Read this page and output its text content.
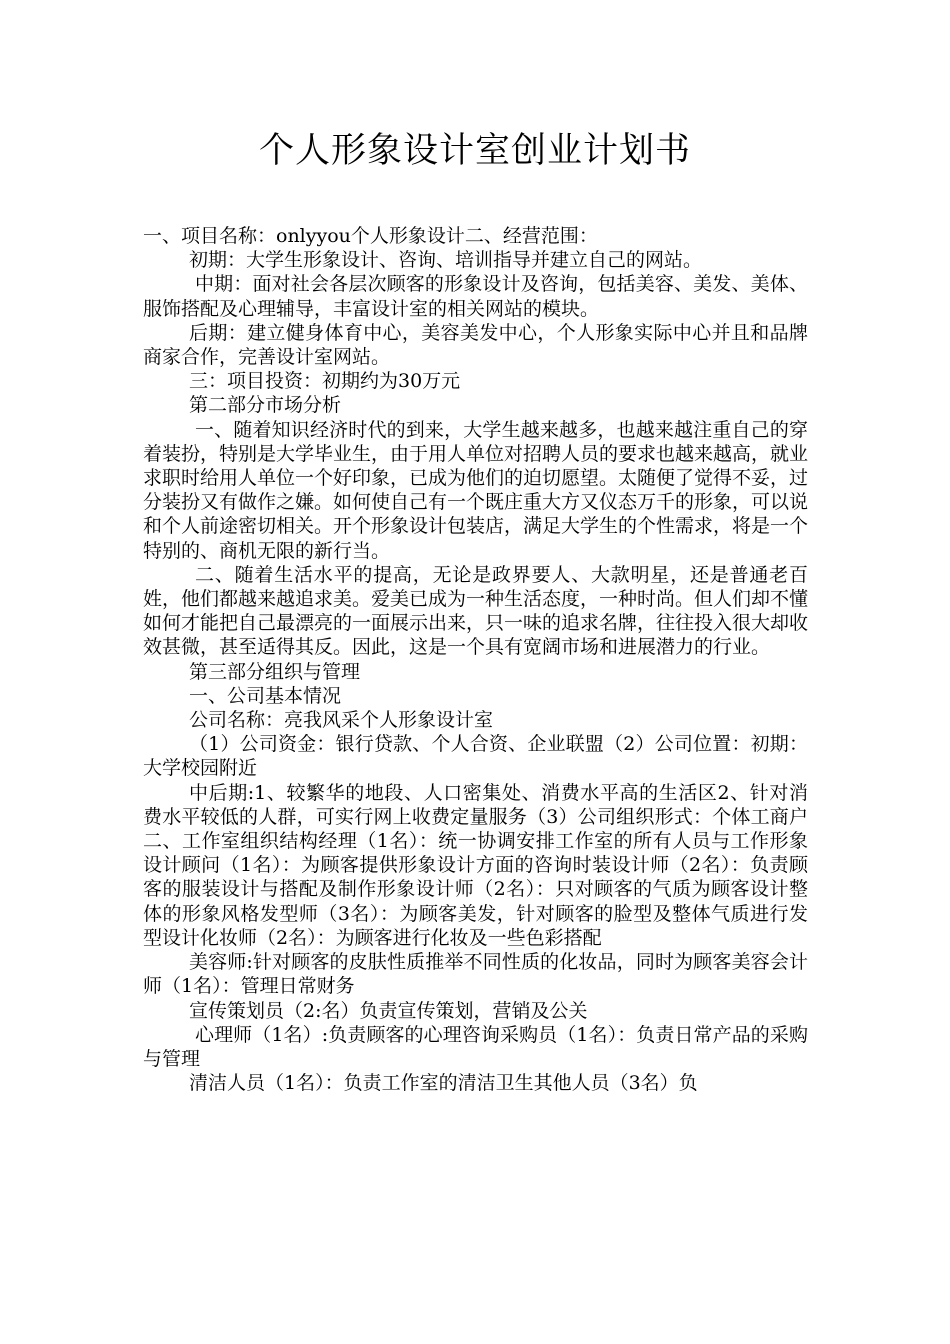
个人形象设计室创业计划书

一、项目名称：onlyyou个人形象设计二、经营范围：

初期：大学生形象设计、咨询、培训指导并建立自己的网站。

中期：面对社会各层次顾客的形象设计及咨询，包括美容、美发、美体、服饰搭配及心理辅导，丰富设计室的相关网站的模块。

后期：建立健身体育中心，美容美发中心，个人形象实际中心并且和品牌商家合作，完善设计室网站。

三：项目投资：初期约为30万元

第二部分市场分析

一、随着知识经济时代的到来，大学生越来越多，也越来越注重自己的穿着装扮，特别是大学毕业生，由于用人单位对招聘人员的要求也越来越高，就业求职时给用人单位一个好印象，已成为他们的迫切愿望。太随便了觉得不妥，过分装扮又有做作之嫌。如何使自己有一个既庄重大方又仪态万千的形象，可以说和个人前途密切相关。开个形象设计包装店，满足大学生的个性需求，将是一个特别的、商机无限的新行当。

二、随着生活水平的提高，无论是政界要人、大款明星，还是普通老百姓，他们都越来越追求美。爱美已成为一种生活态度，一种时尚。但人们却不懂如何才能把自己最漂亮的一面展示出来，只一味的追求名牌，往往投入很大却收效甚微，甚至适得其反。因此，这是一个具有宽阔市场和进展潜力的行业。

第三部分组织与管理

一、公司基本情况

公司名称：亮我风采个人形象设计室

（1）公司资金：银行贷款、个人合资、企业联盟（2）公司位置：初期：大学校园附近

中后期:1、较繁华的地段、人口密集处、消费水平高的生活区2、针对消费水平较低的人群，可实行网上收费定量服务（3）公司组织形式：个体工商户二、工作室组织结构经理（1名）：统一协调安排工作室的所有人员与工作形象设计顾问（1名）：为顾客提供形象设计方面的咨询时装设计师（2名）：负责顾客的服装设计与搭配及制作形象设计师（2名）：只对顾客的气质为顾客设计整体的形象风格发型师（3名）：为顾客美发，针对顾客的脸型及整体气质进行发型设计化妆师（2名）：为顾客进行化妆及一些色彩搭配

美容师:针对顾客的皮肤性质推举不同性质的化妆品，同时为顾客美容会计师（1名）：管理日常财务

宣传策划员（2:名）负责宣传策划，营销及公关

心理师（1名）:负责顾客的心理咨询采购员（1名）：负责日常产品的采购与管理

清洁人员（1名）：负责工作室的清洁卫生其他人员（3名）负
